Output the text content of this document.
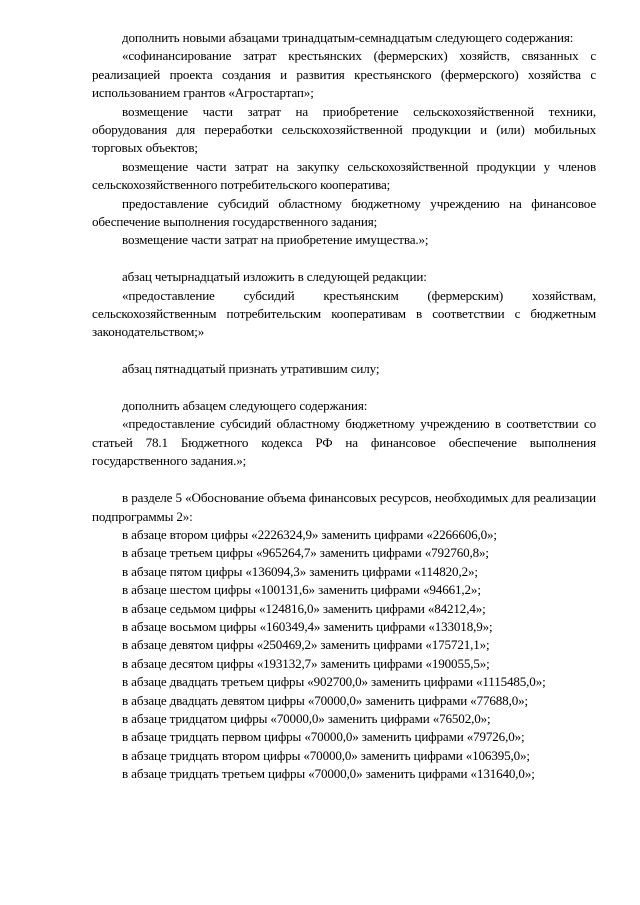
дополнить новыми абзацами тринадцатым-семнадцатым следующего содержания:

«софинансирование затрат крестьянских (фермерских) хозяйств, связанных с реализацией проекта создания и развития крестьянского (фермерского) хозяйства с использованием грантов «Агростартап»;

возмещение части затрат на приобретение сельскохозяйственной техники, оборудования для переработки сельскохозяйственной продукции и (или) мобильных торговых объектов;

возмещение части затрат на закупку сельскохозяйственной продукции у членов сельскохозяйственного потребительского кооператива;

предоставление субсидий областному бюджетному учреждению на финансовое обеспечение выполнения государственного задания;

возмещение части затрат на приобретение имущества.»;

абзац четырнадцатый изложить в следующей редакции:

«предоставление субсидий крестьянским (фермерским) хозяйствам, сельскохозяйственным потребительским кооперативам в соответствии с бюджетным законодательством;»

абзац пятнадцатый признать утратившим силу;

дополнить абзацем следующего содержания:

«предоставление субсидий областному бюджетному учреждению в соответствии со статьей 78.1 Бюджетного кодекса РФ на финансовое обеспечение выполнения государственного задания.»;

в разделе 5 «Обоснование объема финансовых ресурсов, необходимых для реализации подпрограммы 2»:

в абзаце втором цифры «2226324,9» заменить цифрами «2266606,0»;

в абзаце третьем цифры «965264,7» заменить цифрами «792760,8»;

в абзаце пятом цифры «136094,3» заменить цифрами «114820,2»;

в абзаце шестом цифры «100131,6» заменить цифрами «94661,2»;

в абзаце седьмом цифры «124816,0» заменить цифрами «84212,4»;

в абзаце восьмом цифры «160349,4» заменить цифрами «133018,9»;

в абзаце девятом цифры «250469,2» заменить цифрами «175721,1»;

в абзаце десятом цифры «193132,7» заменить цифрами «190055,5»;

в абзаце двадцать третьем цифры «902700,0» заменить цифрами «1115485,0»;

в абзаце двадцать девятом цифры «70000,0» заменить цифрами «77688,0»;

в абзаце тридцатом цифры «70000,0» заменить цифрами «76502,0»;

в абзаце тридцать первом цифры «70000,0» заменить цифрами «79726,0»;

в абзаце тридцать втором цифры «70000,0» заменить цифрами «106395,0»;

в абзаце тридцать третьем цифры «70000,0» заменить цифрами «131640,0»;
